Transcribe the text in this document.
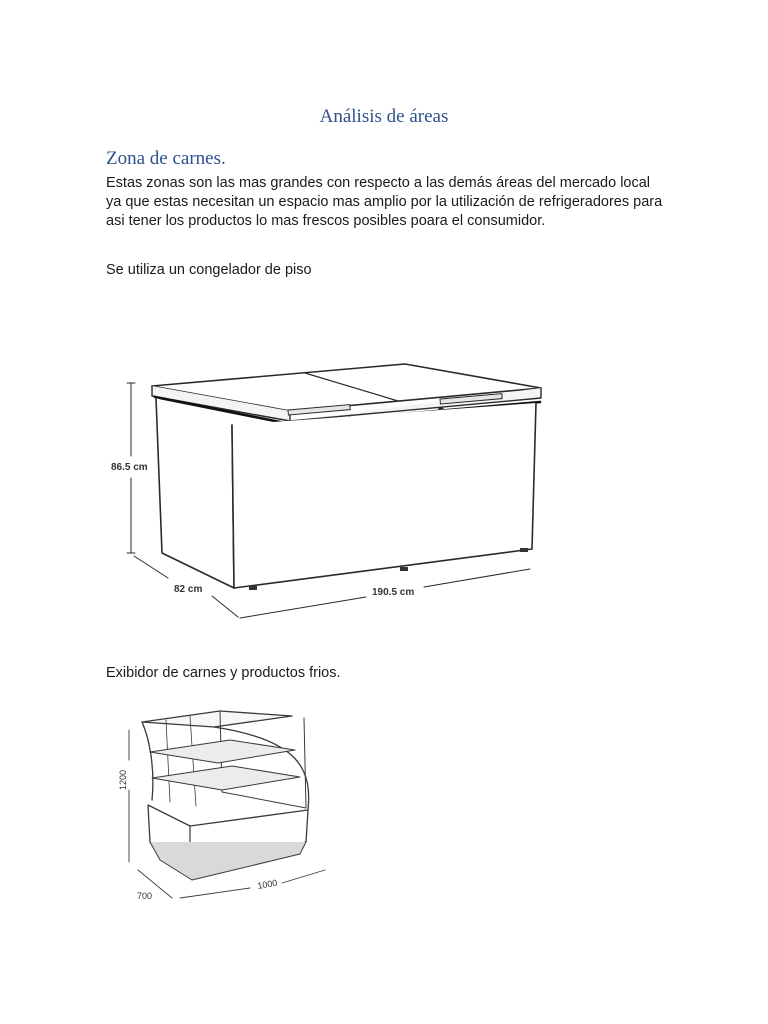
Análisis de áreas
Zona de carnes.
Estas zonas son las mas grandes con respecto a las demás áreas del mercado local ya que estas necesitan un espacio mas amplio por la utilización de refrigeradores para asi tener los productos lo mas frescos posibles poara el consumidor.
Se utiliza un congelador de piso
86.5 cm
82 cm	190.5 cm
Exibidor de carnes y productos frios.
1200
700
1000
